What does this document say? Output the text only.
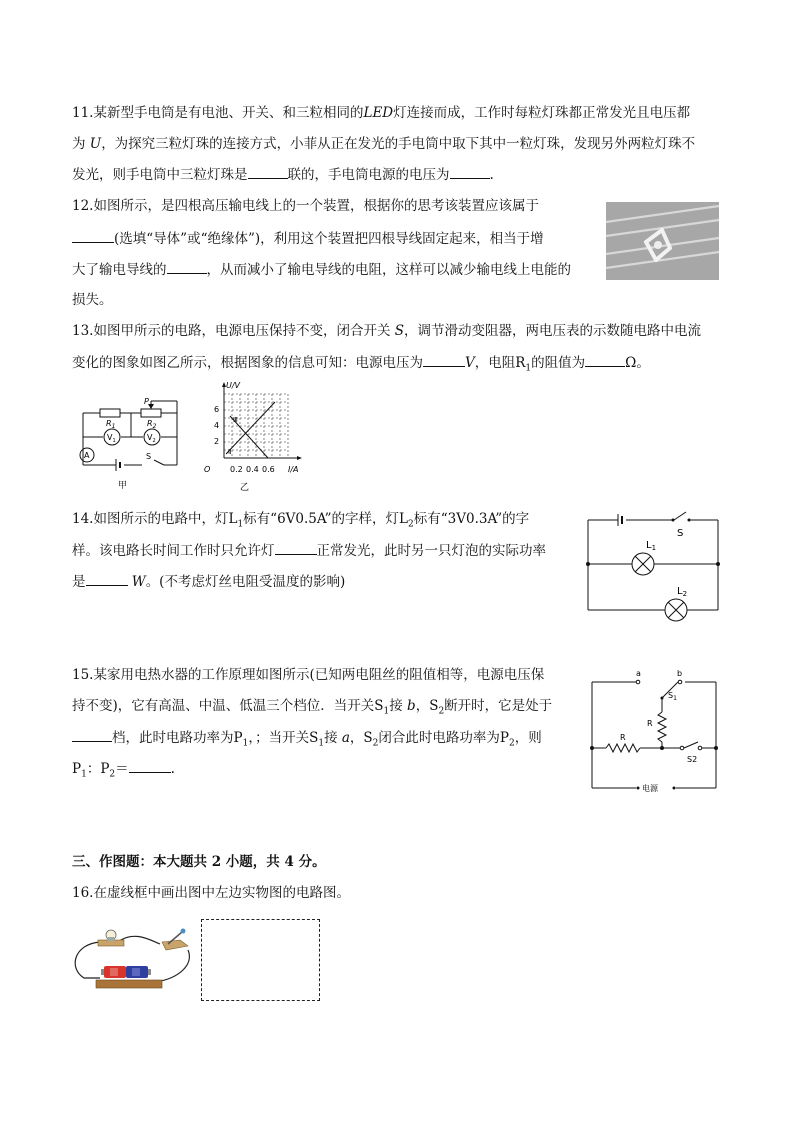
11.某新型手电筒是有电池、开关、和三粒相同的LED灯连接而成，工作时每粒灯珠都正常发光且电压都
为 U，为探究三粒灯珠的连接方式，小菲从正在发光的手电筒中取下其中一粒灯珠，发现另外两粒灯珠不
发光，则手电筒中三粒灯珠是	联的，手电筒电源的电压为	.
12.如图所示，是四根高压输电线上的一个装置，根据你的思考该装置应该属于
(选填“导体”或“绝缘体”)，利用这个装置把四根导线固定起来，相当于增
大了输电导线的	，从而减小了输电导线的电阻，这样可以减少输电线上电能的
损失。
13.如图甲所示的电路，电源电压保持不变，闭合开关 S，调节滑动变阻器，两电压表的示数随电路中电流
变化的图象如图乙所示，根据图象的信息可知：电源电压为	V，电阻$R_1$的阻值为	Ω。
$R_1$	$R_2$
P
$V_1$	$V_2$
A	S
甲
U/V
I/A
O
6
4
2
0.2 0.4 0.6
Ⅲ
Ⅱ
乙
14.如图所示的电路中，灯$L_1$标有“6V0.5A”的字样，灯$L_2$标有“3V0.3A”的字
样。该电路长时间工作时只允许灯	正常发光，此时另一只灯泡的实际功率
是	W。(不考虑灯丝电阻受温度的影响)
S
$L_1$
$L_2$
15.某家用电热水器的工作原理如图所示(已知两电阻丝的阻值相等，电源电压保
持不变)，它有高温、中温、低温三个档位．当开关$S_1$接 b，$S_2$断开时，它是处于
档，此时电路功率为$P_1$，；当开关$S_1$接 a，$S_2$闭合此时电路功率为$P_2$，则
$P_1$：$P_2=$	.
a	b
$S_1$
R
R
S2
电源
三、作图题：本大题共 2 小题，共 4 分。
16.在虚线框中画出图中左边实物图的电路图。
